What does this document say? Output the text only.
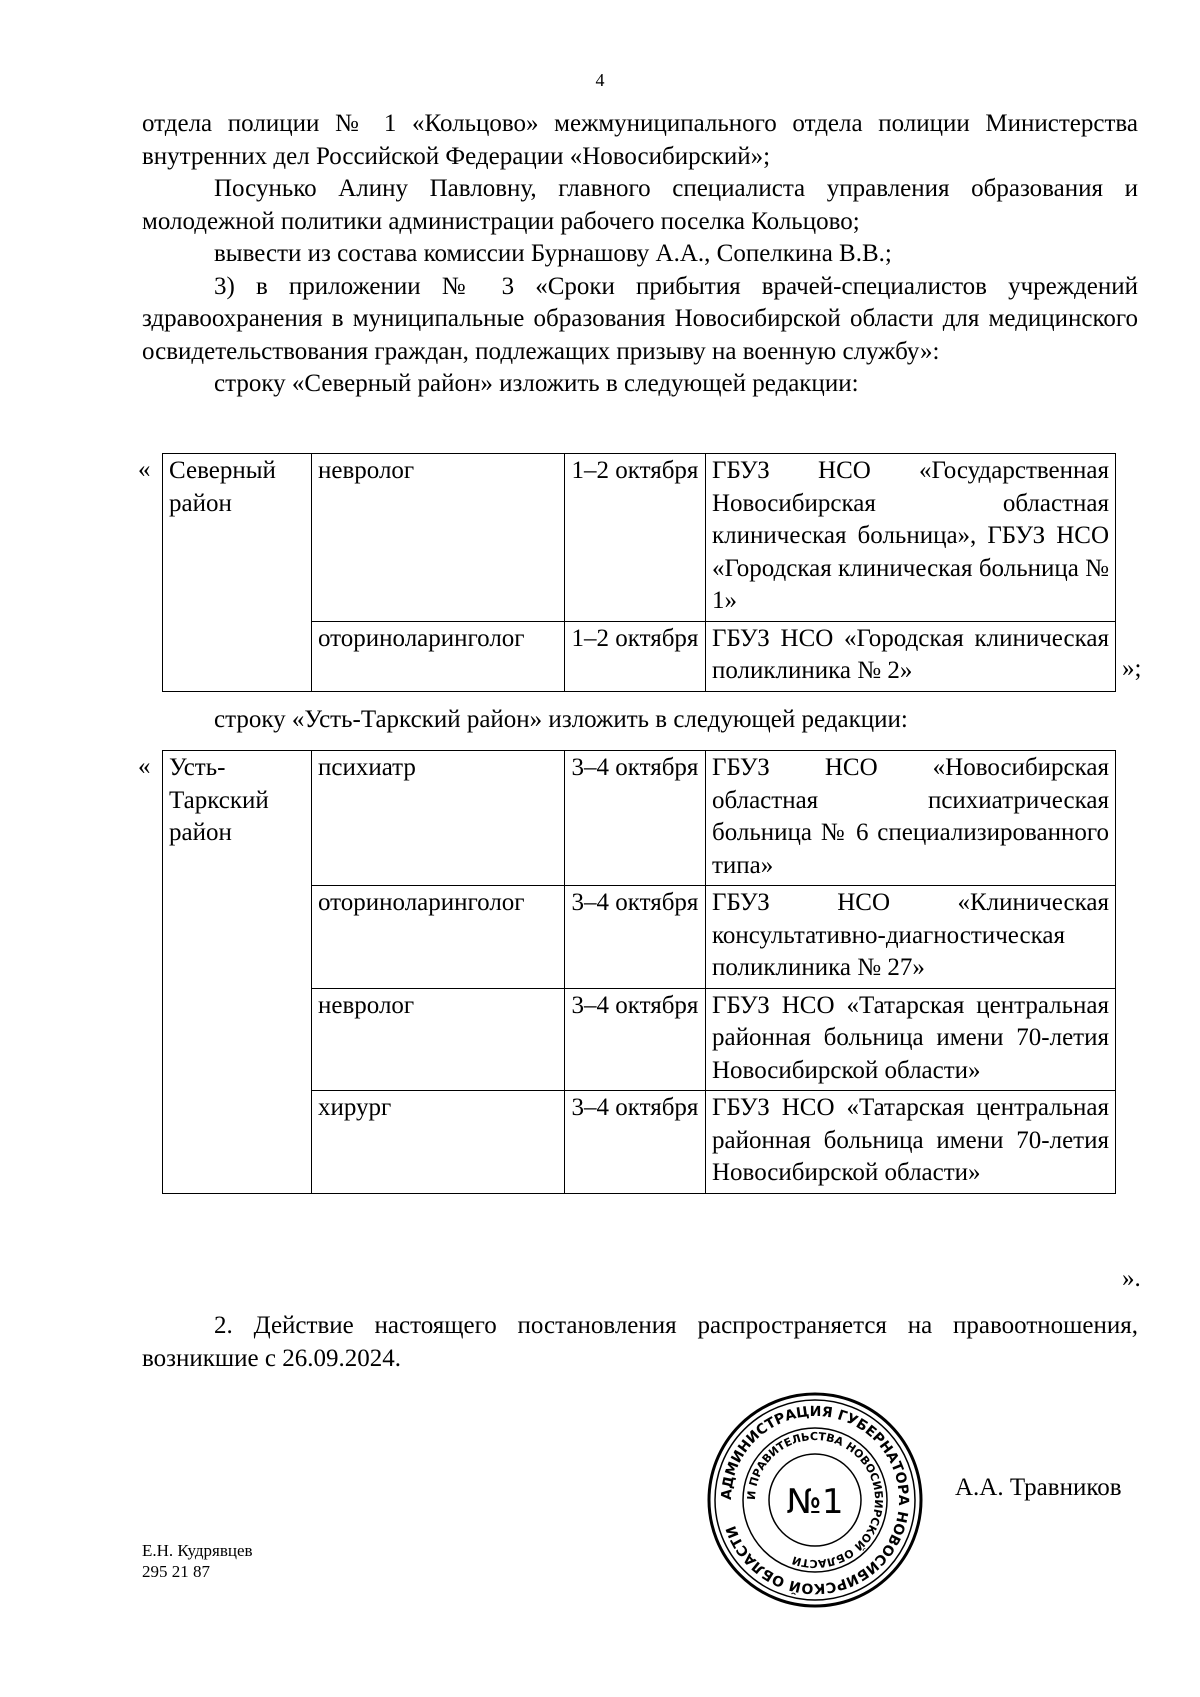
4

отдела полиции № 1 «Кольцово» межмуниципального отдела полиции Министерства внутренних дел Российской Федерации «Новосибирский»;

Посунько Алину Павловну, главного специалиста управления образования и молодежной политики администрации рабочего поселка Кольцово;

вывести из состава комиссии Бурнашову А.А., Сопелкина В.В.;

3) в приложении № 3 «Сроки прибытия врачей-специалистов учреждений здравоохранения в муниципальные образования Новосибирской области для медицинского освидетельствования граждан, подлежащих призыву на военную службу»:

строку «Северный район» изложить в следующей редакции:

« Северный район	невролог	1–2 октября	ГБУЗ НСО «Государственная Новосибирская областная клиническая больница», ГБУЗ НСО «Городская клиническая больница № 1»
	оториноларинголог	1–2 октября	ГБУЗ НСО «Городская клиническая поликлиника № 2»	»;

строку «Усть-Таркский район» изложить в следующей редакции:

« Усть-Таркский район	психиатр	3–4 октября	ГБУЗ НСО «Новосибирская областная психиатрическая больница № 6 специализированного типа»
	оториноларинголог	3–4 октября	ГБУЗ НСО «Клиническая консультативно-диагностическая поликлиника № 27»
	невролог	3–4 октября	ГБУЗ НСО «Татарская центральная районная больница имени 70-летия Новосибирской области»
	хирург	3–4 октября	ГБУЗ НСО «Татарская центральная районная больница имени 70-летия Новосибирской области»
».

2. Действие настоящего постановления распространяется на правоотношения, возникшие с 26.09.2024.

АДМИНИСТРАЦИЯ ГУБЕРНАТОРА НОВОСИБИРСКОЙ ОБЛАСТИ
И ПРАВИТЕЛЬСТВА НОВОСИБИРСКОЙ ОБЛАСТИ
№1	А.А. Травников
Е.Н. Кудрявцев
295 21 87
